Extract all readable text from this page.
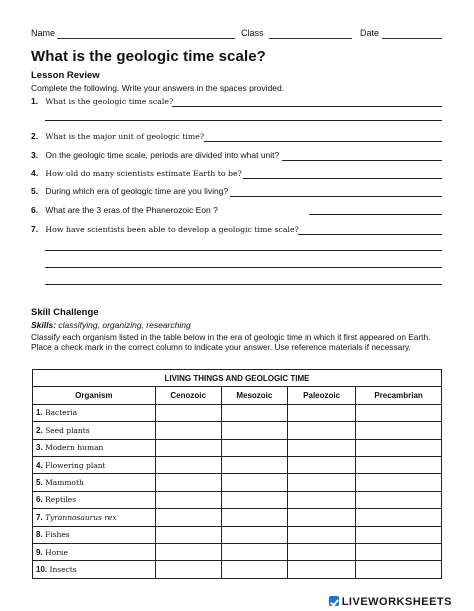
Name	Class	Date
What is the geologic time scale?
Lesson Review
Complete the following. Write your answers in the spaces provided.
1. What is the geologic time scale?
2. What is the major unit of geologic time?
3. On the geologic time scale, periods are divided into what unit?
4. How old do many scientists estimate Earth to be?
5. During which era of geologic time are you living?
6. What are the 3 eras of the Phanerozoic Eon ?
7. How have scientists been able to develop a geologic time scale?
Skill Challenge
Skills: classifying, organizing, researching
Classify each organism listed in the table below in the era of geologic time in which it first appeared on Earth. Place a check mark in the correct column to indicate your answer. Use reference materials if necessary.
LIVING THINGS AND GEOLOGIC TIME				
Organism	Cenozoic	Mesozoic	Paleozoic	Precambrian
1. Bacteria				
2. Seed plants				
3. Modern human				
4. Flowering plant				
5. Mammoth				
6. Reptiles				
7. Tyrannosaurus rex				
8. Fishes				
9. Horse				
10. Insects				
LIVEWORKSHEETS
